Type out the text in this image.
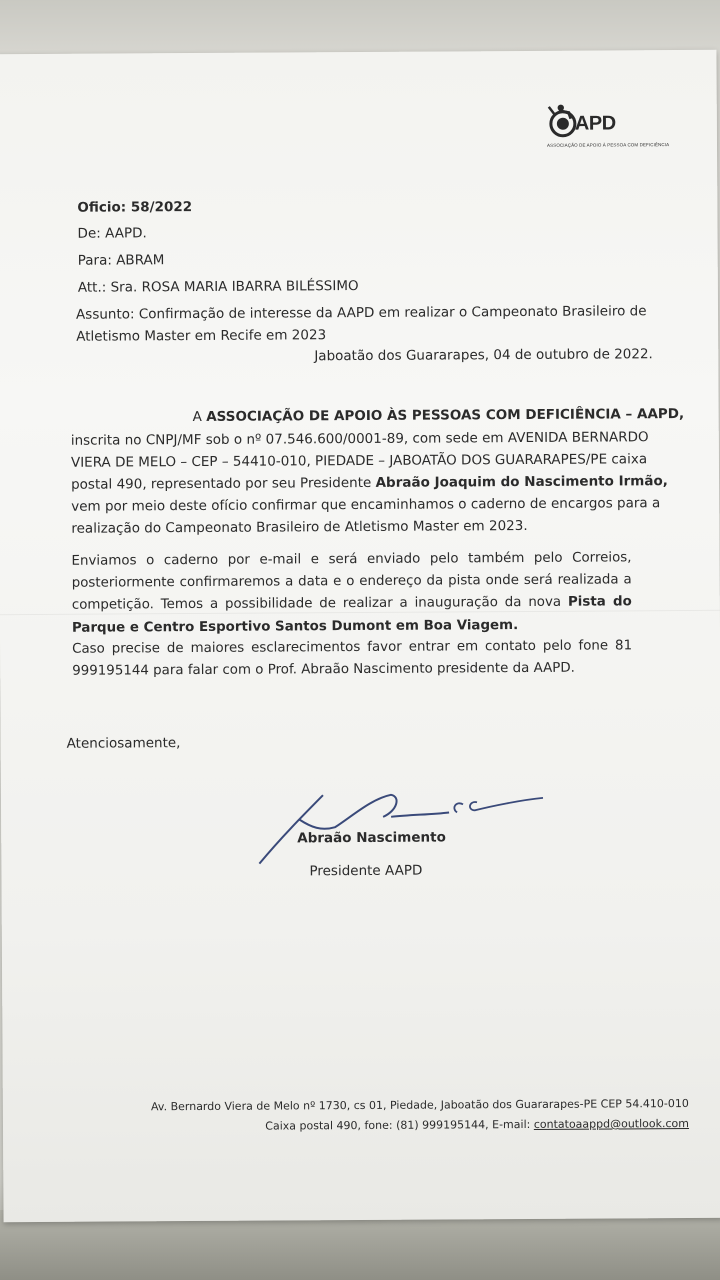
APD
ASSOCIAÇÃO DE APOIO À PESSOA COM DEFICIÊNCIA
Oficio: 58/2022
De: AAPD.
Para: ABRAM
Att.: Sra. ROSA MARIA IBARRA BILÉSSIMO
Assunto: Confirmação de interesse da AAPD em realizar o Campeonato Brasileiro de
Atletismo Master em Recife em 2023
Jaboatão dos Guararapes, 04 de outubro de 2022.
A ASSOCIAÇÃO DE APOIO ÀS PESSOAS COM DEFICIÊNCIA – AAPD,
inscrita no CNPJ/MF sob o nº 07.546.600/0001-89, com sede em AVENIDA BERNARDO
VIERA DE MELO – CEP – 54410-010, PIEDADE – JABOATÃO DOS GUARARAPES/PE caixa
postal 490, representado por seu Presidente Abraão Joaquim do Nascimento Irmão,
vem por meio deste ofício confirmar que encaminhamos o caderno de encargos para a
realização do Campeonato Brasileiro de Atletismo Master em 2023.
Enviamos o caderno por e-mail e será enviado pelo também pelo Correios, posteriormente confirmaremos a data e o endereço da pista onde será realizada a competição. Temos a possibilidade de realizar a inauguração da nova Pista do Parque e Centro Esportivo Santos Dumont em Boa Viagem.
Caso precise de maiores esclarecimentos favor entrar em contato pelo fone 81 999195144 para falar com o Prof. Abraão Nascimento presidente da AAPD.
Atenciosamente,
Abraão Nascimento
Presidente AAPD
Av. Bernardo Viera de Melo nº 1730, cs 01, Piedade, Jaboatão dos Guararapes-PE CEP 54.410-010
Caixa postal 490, fone: (81) 999195144, E-mail: contatoaappd@outlook.com
